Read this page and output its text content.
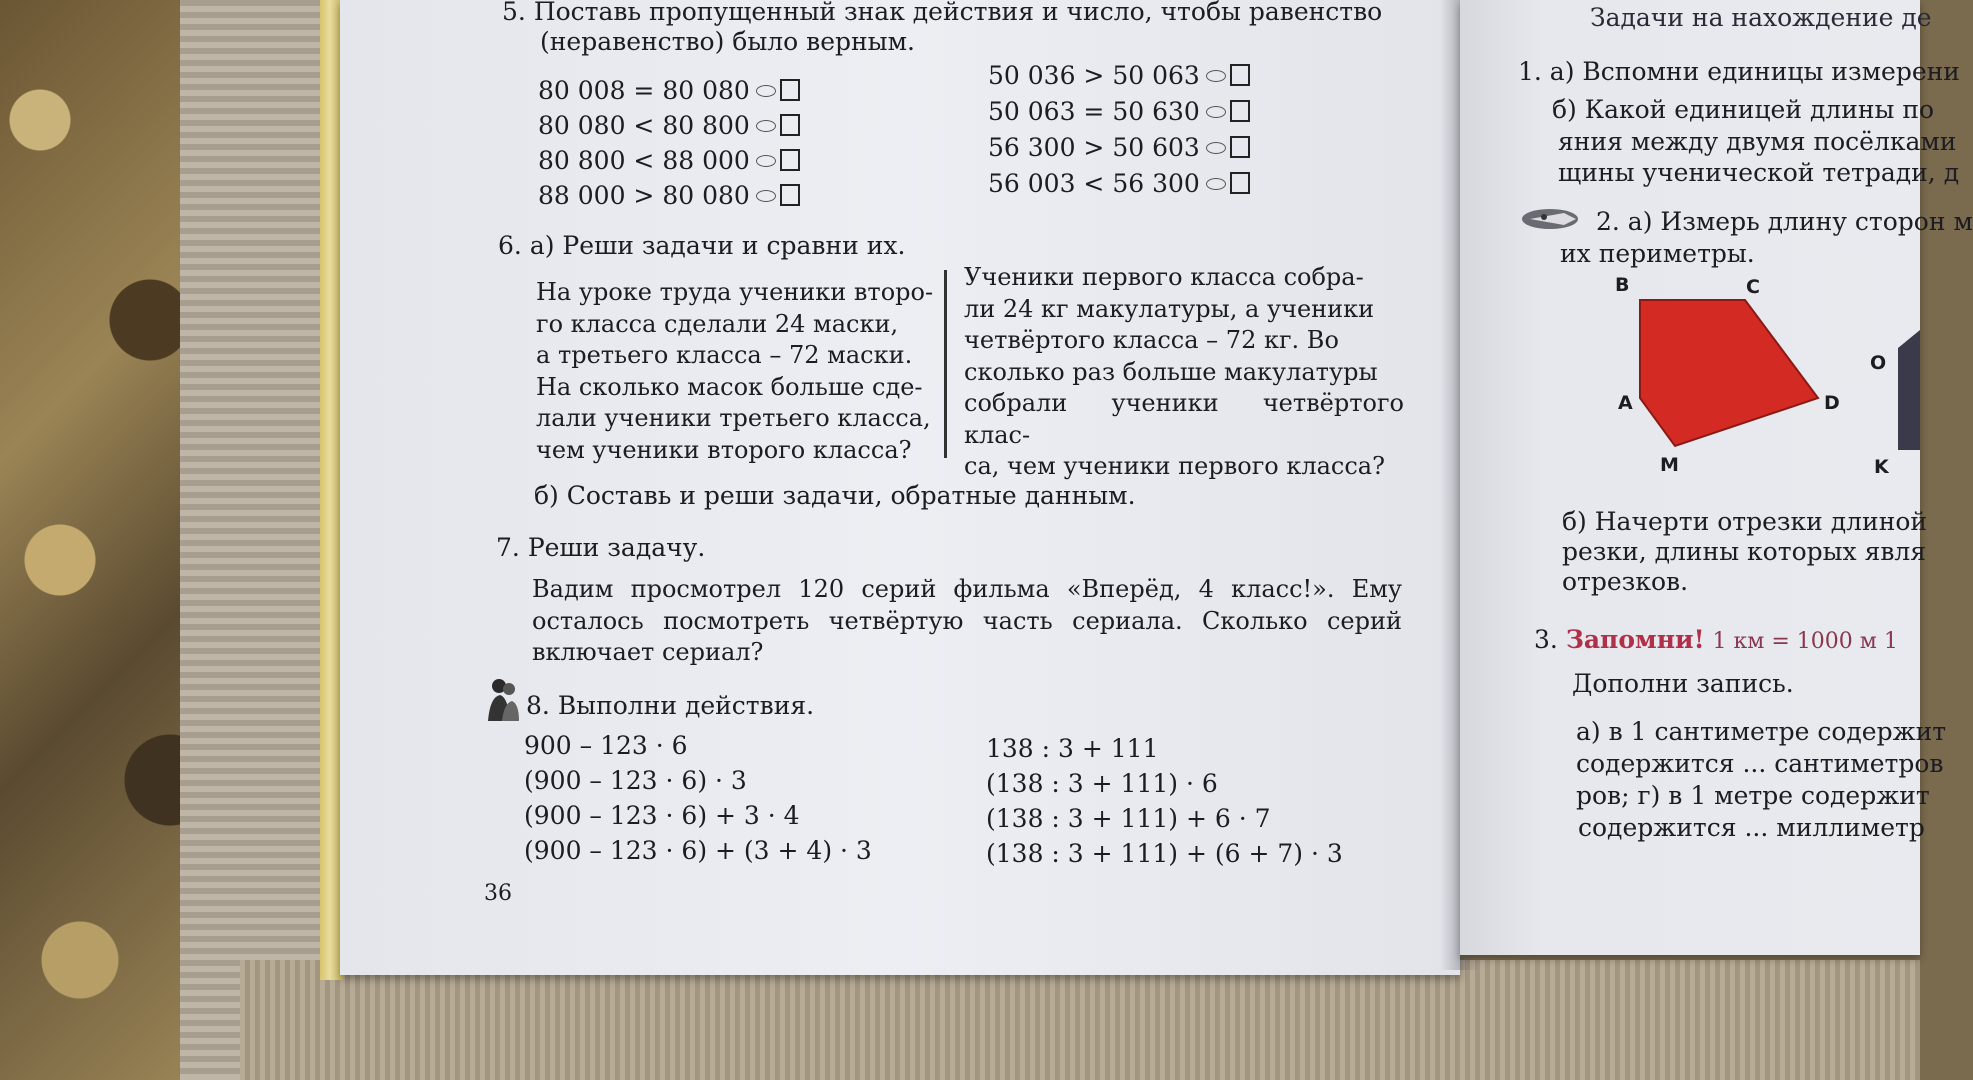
5. Поставь пропущенный знак действия и число, чтобы равенство
(неравенство) было верным.
80 008 = 80 080
80 080 < 80 800
80 800 < 88 000
88 000 > 80 080
50 036 > 50 063
50 063 = 50 630
56 300 > 50 603
56 003 < 56 300
6. а) Реши задачи и сравни их.
На уроке труда ученики второ-
го класса сделали 24 маски,
а третьего класса – 72 маски.
На сколько масок больше сде-
лали ученики третьего класса,
чем ученики второго класса?
Ученики первого класса собра-
ли 24 кг макулатуры, а ученики
четвёртого класса – 72 кг. Во
сколько раз больше макулатуры
собрали ученики четвёртого клас-
са, чем ученики первого класса?
б) Составь и реши задачи, обратные данным.
7. Реши задачу.
Вадим просмотрел 120 серий фильма «Вперёд, 4 класс!». Ему
осталось посмотреть четвёртую часть сериала. Сколько серий
включает сериал?
8. Выполни действия.
900 – 123 · 6
(900 – 123 · 6) · 3
(900 – 123 · 6) + 3 · 4
(900 – 123 · 6) + (3 + 4) · 3
138 : 3 + 111
(138 : 3 + 111) · 6
(138 : 3 + 111) + 6 · 7
(138 : 3 + 111) + (6 + 7) · 3
36
Задачи на нахождение де
1. а) Вспомни единицы измерени
б) Какой единицей длины по
яния между двумя посёлками
щины ученической тетради, д
2. а) Измерь длину сторон м
их периметры.
б) Начерти отрезки длиной
резки, длины которых явля
отрезков.
3. Запомни! 1 км = 1000 м 1
Дополни запись.
а) в 1 сантиметре содержит
содержится ... сантиметров
ров; г) в 1 метре содержит
содержится ... миллиметр
B	C
A	D
M
O
K
